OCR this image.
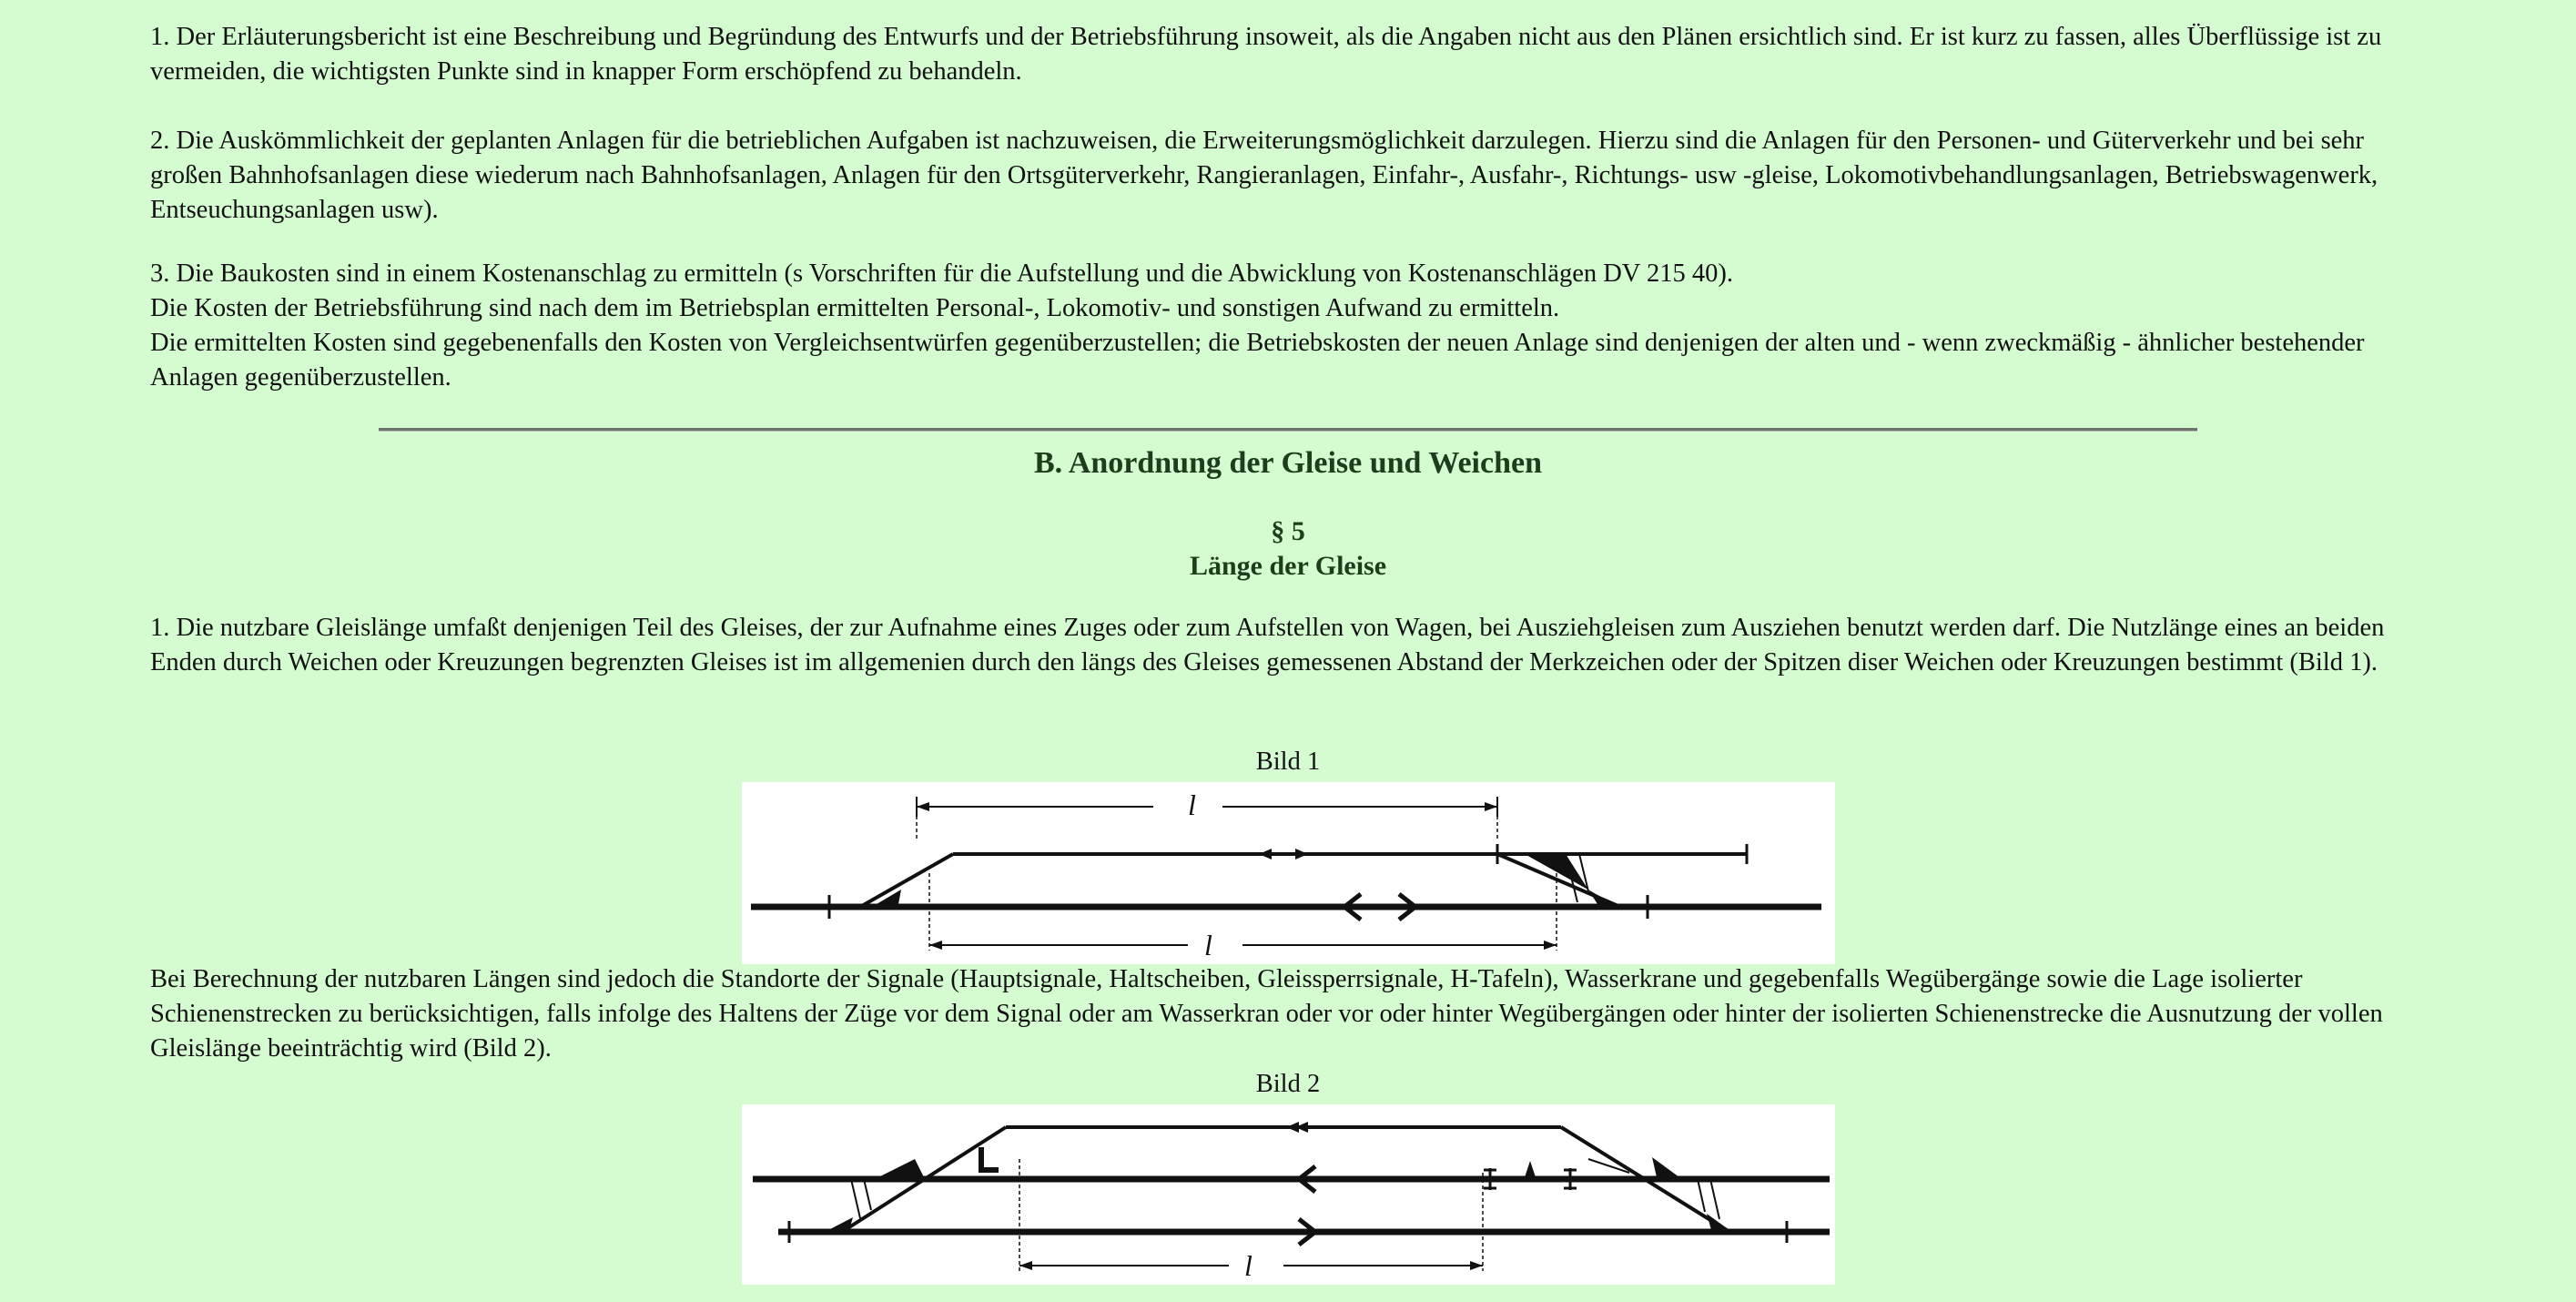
1. Der Erläuterungsbericht ist eine Beschreibung und Begründung des Entwurfs und der Betriebsführung insoweit, als die Angaben nicht aus den Plänen ersichtlich sind. Er ist kurz zu fassen, alles Überflüssige ist zu vermeiden, die wichtigsten Punkte sind in knapper Form erschöpfend zu behandeln.

2. Die Auskömmlichkeit der geplanten Anlagen für die betrieblichen Aufgaben ist nachzuweisen, die Erweiterungsmöglichkeit darzulegen. Hierzu sind die Anlagen für den Personen- und Güterverkehr und bei sehr großen Bahnhofsanlagen diese wiederum nach Bahnhofsanlagen, Anlagen für den Ortsgüterverkehr, Rangieranlagen, Einfahr-, Ausfahr-, Richtungs- usw -gleise, Lokomotivbehandlungsanlagen, Betriebswagenwerk, Entseuchungsanlagen usw).

3. Die Baukosten sind in einem Kostenanschlag zu ermitteln (s Vorschriften für die Aufstellung und die Abwicklung von Kostenanschlägen DV 215 40).
Die Kosten der Betriebsführung sind nach dem im Betriebsplan ermittelten Personal-, Lokomotiv- und sonstigen Aufwand zu ermitteln.
Die ermittelten Kosten sind gegebenenfalls den Kosten von Vergleichsentwürfen gegenüberzustellen; die Betriebskosten der neuen Anlage sind denjenigen der alten und - wenn zweckmäßig - ähnlicher bestehender Anlagen gegenüberzustellen.
B. Anordnung der Gleise und Weichen
§ 5
Länge der Gleise

1. Die nutzbare Gleislänge umfaßt denjenigen Teil des Gleises, der zur Aufnahme eines Zuges oder zum Aufstellen von Wagen, bei Ausziehgleisen zum Ausziehen benutzt werden darf. Die Nutzlänge eines an beiden Enden durch Weichen oder Kreuzungen begrenzten Gleises ist im allgemenien durch den längs des Gleises gemessenen Abstand der Merkzeichen oder der Spitzen diser Weichen oder Kreuzungen bestimmt (Bild 1).

Bild 1
l
l

Bei Berechnung der nutzbaren Längen sind jedoch die Standorte der Signale (Hauptsignale, Haltscheiben, Gleissperrsignale, H-Tafeln), Wasserkrane und gegebenfalls Wegübergänge sowie die Lage isolierter Schienenstrecken zu berücksichtigen, falls infolge des Haltens der Züge vor dem Signal oder am Wasserkran oder vor oder hinter Wegübergängen oder hinter der isolierten Schienenstrecke die Ausnutzung der vollen Gleislänge beeinträchtig wird (Bild 2).

Bild 2
l
